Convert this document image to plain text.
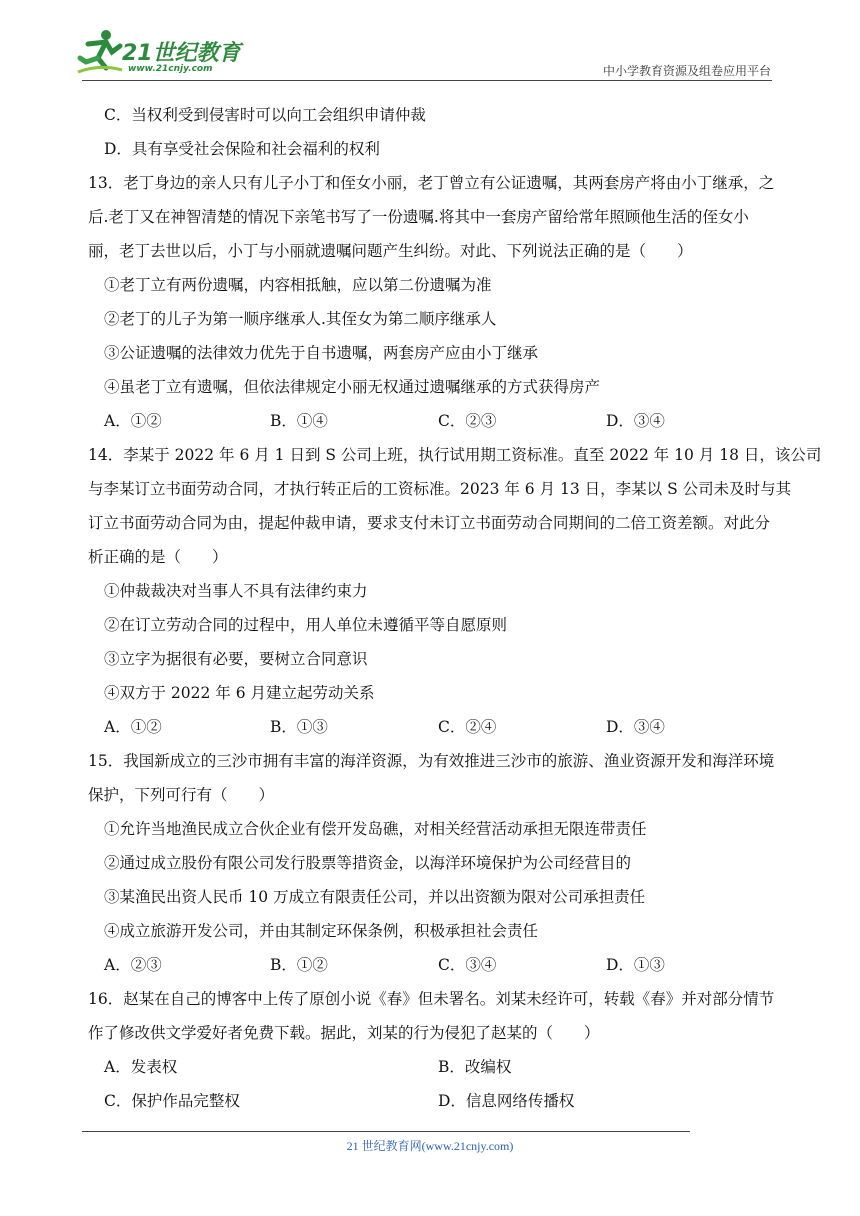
21世纪教育
www.21cnjy.com	中小学教育资源及组卷应用平台
C．当权利受到侵害时可以向工会组织申请仲裁
D．具有享受社会保险和社会福利的权利
13．老丁身边的亲人只有儿子小丁和侄女小丽，老丁曾立有公证遗嘱，其两套房产将由小丁继承，之
后.老丁又在神智清楚的情况下亲笔书写了一份遗嘱.将其中一套房产留给常年照顾他生活的侄女小
丽，老丁去世以后，小丁与小丽就遗嘱问题产生纠纷。对此、下列说法正确的是（　　）
①老丁立有两份遗嘱，内容相抵触，应以第二份遗嘱为准
②老丁的儿子为第一顺序继承人.其侄女为第二顺序继承人
③公证遗嘱的法律效力优先于自书遗嘱，两套房产应由小丁继承
④虽老丁立有遗嘱，但依法律规定小丽无权通过遗嘱继承的方式获得房产
A．①②	B．①④	C．②③	D．③④
14．李某于 2022 年 6 月 1 日到 S 公司上班，执行试用期工资标准。直至 2022 年 10 月 18 日，该公司
与李某订立书面劳动合同，才执行转正后的工资标准。2023 年 6 月 13 日，李某以 S 公司未及时与其
订立书面劳动合同为由，提起仲裁申请，要求支付未订立书面劳动合同期间的二倍工资差额。对此分
析正确的是（　　）
①仲裁裁决对当事人不具有法律约束力
②在订立劳动合同的过程中，用人单位未遵循平等自愿原则
③立字为据很有必要，要树立合同意识
④双方于 2022 年 6 月建立起劳动关系
A．①②	B．①③	C．②④	D．③④
15．我国新成立的三沙市拥有丰富的海洋资源，为有效推进三沙市的旅游、渔业资源开发和海洋环境
保护，下列可行有（　　）
①允许当地渔民成立合伙企业有偿开发岛礁，对相关经营活动承担无限连带责任
②通过成立股份有限公司发行股票等措资金，以海洋环境保护为公司经营目的
③某渔民出资人民币 10 万成立有限责任公司，并以出资额为限对公司承担责任
④成立旅游开发公司，并由其制定环保条例，积极承担社会责任
A．②③	B．①②	C．③④	D．①③
16．赵某在自己的博客中上传了原创小说《春》但未署名。刘某未经许可，转载《春》并对部分情节
作了修改供文学爱好者免费下载。据此，刘某的行为侵犯了赵某的（　　）
A．发表权	B．改编权
C．保护作品完整权	D．信息网络传播权
21 世纪教育网(www.21cnjy.com)
